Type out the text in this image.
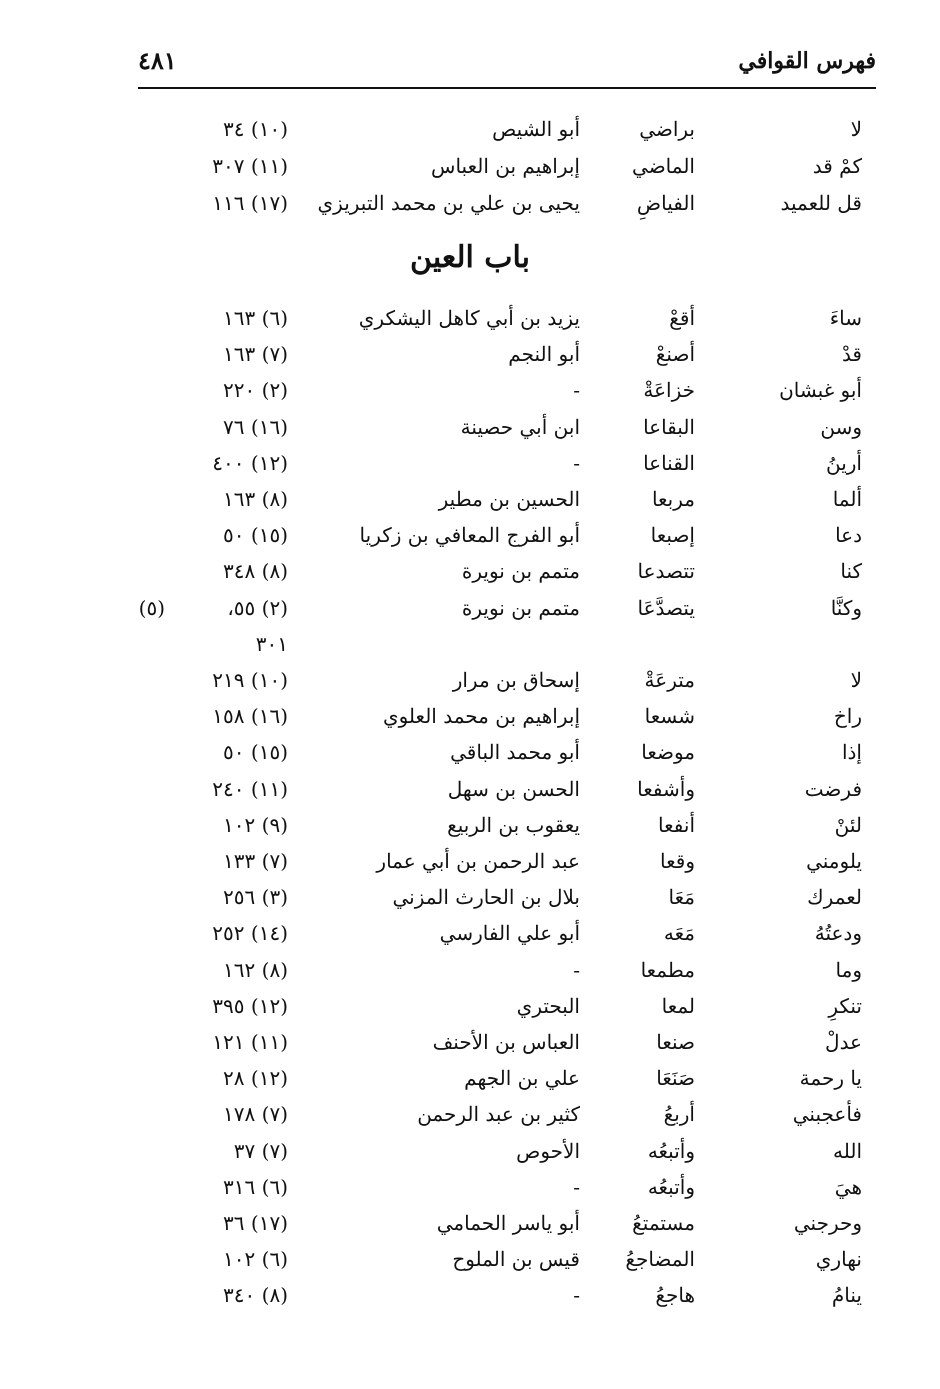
فهرس القوافي
٤٨١
لا
براضي
أبو الشيص
(١٠) ٣٤
كمْ قد
الماضي
إبراهيم بن العباس
(١١) ٣٠٧
قل للعميد
الفياضِ
يحيى بن علي بن محمد التبريزي
(١٧) ١١٦
باب العين
ساءَ
أقعْ
يزيد بن أبي كاهل اليشكري
(٦) ١٦٣
قدْ
أصنعْ
أبو النجم
(٧) ١٦٣
أبو غبشان
خزاعَةْ
-
(٢) ٢٢٠
وسن
البقاعا
ابن أبي حصينة
(١٦) ٧٦
أرينُ
القناعا
-
(١٢) ٤٠٠
ألما
مربعا
الحسين بن مطير
(٨) ١٦٣
دعا
إصبعا
أبو الفرج المعافي بن زكريا
(١٥) ٥٠
كنا
تتصدعا
متمم بن نويرة
(٨) ٣٤٨
وكنَّا
يتصدَّعَا
متمم بن نويرة
(٢) ٥٥،
(٥)
٣٠١
لا
مترعَةْ
إسحاق بن مرار
(١٠) ٢١٩
راخ
شسعا
إبراهيم بن محمد العلوي
(١٦) ١٥٨
إذا
موضعا
أبو محمد الباقي
(١٥) ٥٠
فرضت
وأشفعا
الحسن بن سهل
(١١) ٢٤٠
لئنْ
أنفعا
يعقوب بن الربيع
(٩) ١٠٢
يلومني
وقعا
عبد الرحمن بن أبي عمار
(٧) ١٣٣
لعمرك
مَعَا
بلال بن الحارث المزني
(٣) ٢٥٦
ودعتُهُ
مَعَه
أبو علي الفارسي
(١٤) ٢٥٢
وما
مطمعا
-
(٨) ١٦٢
تنكرِ
لمعا
البحتري
(١٢) ٣٩٥
عدلْ
صنعا
العباس بن الأحنف
(١١) ١٢١
يا رحمة
صَنَعَا
علي بن الجهم
(١٢) ٢٨
فأعجبني
أربعُ
كثير بن عبد الرحمن
(٧) ١٧٨
الله
وأتبعُه
الأحوص
(٧) ٣٧
هيَ
وأتبعُه
-
(٦) ٣١٦
وحرجني
مستمتعُ
أبو ياسر الحمامي
(١٧) ٣٦
نهاري
المضاجعُ
قيس بن الملوح
(٦) ١٠٢
ينامُ
هاجعُ
-
(٨) ٣٤٠
